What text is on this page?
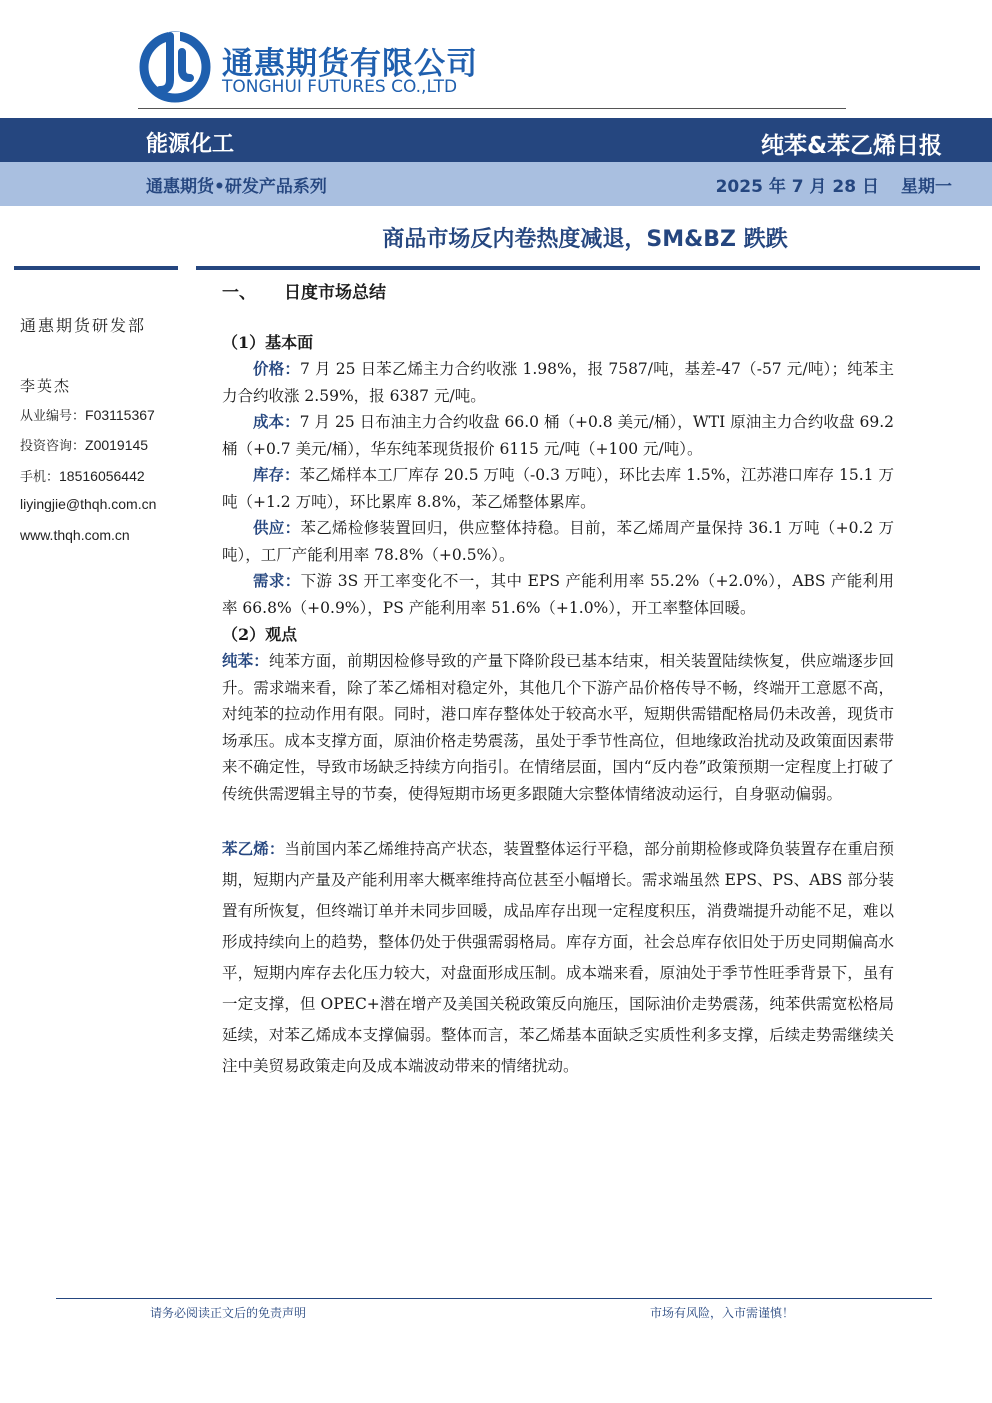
通惠期货有限公司
TONGHUI FUTURES CO.,LTD
能源化工	纯苯&苯乙烯日报
通惠期货•研发产品系列	2025 年 7 月 28 日 星期一
商品市场反内卷热度减退，SM&BZ 跌跌
通惠期货研发部
李英杰
从业编号：F03115367
投资咨询：Z0019145
手机：18516056442
liyingjie@thqh.com.cn
www.thqh.com.cn
一、 日度市场总结
（1）基本面

价格：7 月 25 日苯乙烯主力合约收涨 1.98%，报 7587/吨，基差-47（-57 元/吨）；纯苯主力合约收涨 2.59%，报 6387 元/吨。

成本：7 月 25 日布油主力合约收盘 66.0 桶（+0.8 美元/桶），WTI 原油主力合约收盘 69.2 桶（+0.7 美元/桶），华东纯苯现货报价 6115 元/吨（+100 元/吨）。

库存：苯乙烯样本工厂库存 20.5 万吨（-0.3 万吨），环比去库 1.5%，江苏港口库存 15.1 万吨（+1.2 万吨），环比累库 8.8%，苯乙烯整体累库。

供应：苯乙烯检修装置回归，供应整体持稳。目前，苯乙烯周产量保持 36.1 万吨（+0.2 万吨），工厂产能利用率 78.8%（+0.5%）。

需求：下游 3S 开工率变化不一，其中 EPS 产能利用率 55.2%（+2.0%），ABS 产能利用率 66.8%（+0.9%），PS 产能利用率 51.6%（+1.0%），开工率整体回暖。

（2）观点

纯苯：纯苯方面，前期因检修导致的产量下降阶段已基本结束，相关装置陆续恢复，供应端逐步回升。需求端来看，除了苯乙烯相对稳定外，其他几个下游产品价格传导不畅，终端开工意愿不高，对纯苯的拉动作用有限。同时，港口库存整体处于较高水平，短期供需错配格局仍未改善，现货市场承压。成本支撑方面，原油价格走势震荡，虽处于季节性高位，但地缘政治扰动及政策面因素带来不确定性，导致市场缺乏持续方向指引。在情绪层面，国内“反内卷”政策预期一定程度上打破了传统供需逻辑主导的节奏，使得短期市场更多跟随大宗整体情绪波动运行，自身驱动偏弱。

苯乙烯：当前国内苯乙烯维持高产状态，装置整体运行平稳，部分前期检修或降负装置存在重启预期，短期内产量及产能利用率大概率维持高位甚至小幅增长。需求端虽然 EPS、PS、ABS 部分装置有所恢复，但终端订单并未同步回暖，成品库存出现一定程度积压，消费端提升动能不足，难以形成持续向上的趋势，整体仍处于供强需弱格局。库存方面，社会总库存依旧处于历史同期偏高水平，短期内库存去化压力较大，对盘面形成压制。成本端来看，原油处于季节性旺季背景下，虽有一定支撑，但 OPEC+潜在增产及美国关税政策反向施压，国际油价走势震荡，纯苯供需宽松格局延续，对苯乙烯成本支撑偏弱。整体而言，苯乙烯基本面缺乏实质性利多支撑，后续走势需继续关注中美贸易政策走向及成本端波动带来的情绪扰动。

请务必阅读正文后的免责声明	市场有风险，入市需谨慎！
